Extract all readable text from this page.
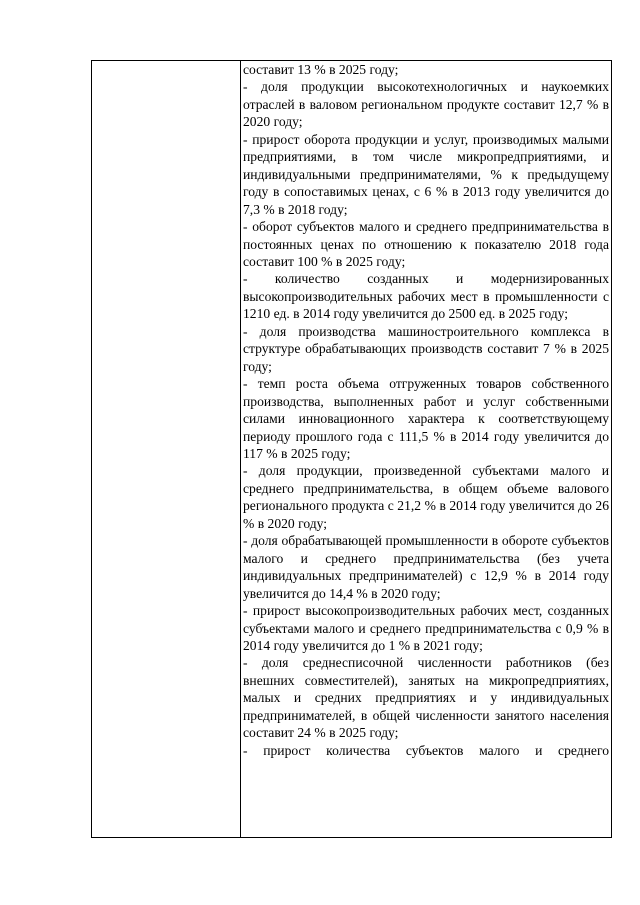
составит 13 % в 2025 году;

- доля продукции высокотехнологичных и наукоемких отраслей в валовом региональном продукте составит 12,7 % в 2020 году;

- прирост оборота продукции и услуг, производимых малыми предприятиями, в том числе микропредприятиями, и индивидуальными предпринимателями, % к предыдущему году в сопоставимых ценах, с 6 % в 2013 году увеличится до 7,3 % в 2018 году;

- оборот субъектов малого и среднего предпринимательства в постоянных ценах по отношению к показателю 2018 года составит 100 % в 2025 году;

- количество созданных и модернизированных высокопроизводительных рабочих мест в промышленности с 1210 ед. в 2014 году увеличится до 2500 ед. в 2025 году;

- доля производства машиностроительного комплекса в структуре обрабатывающих производств составит 7 % в 2025 году;

- темп роста объема отгруженных товаров собственного производства, выполненных работ и услуг собственными силами инновационного характера к соответствующему периоду прошлого года с 111,5 % в 2014 году увеличится до 117 % в 2025 году;

- доля продукции, произведенной субъектами малого и среднего предпринимательства, в общем объеме валового регионального продукта с 21,2 % в 2014 году увеличится до 26 % в 2020 году;

- доля обрабатывающей промышленности в обороте субъектов малого и среднего предпринимательства (без учета индивидуальных предпринимателей) с 12,9 % в 2014 году увеличится до 14,4 % в 2020 году;

- прирост высокопроизводительных рабочих мест, созданных субъектами малого и среднего предпринимательства с 0,9 % в 2014 году увеличится до 1 % в 2021 году;

- доля среднесписочной численности работников (без внешних совместителей), занятых на микропредприятиях, малых и средних предприятиях и у индивидуальных предпринимателей, в общей численности занятого населения составит 24 % в 2025 году;

- прирост количества субъектов малого и среднего
